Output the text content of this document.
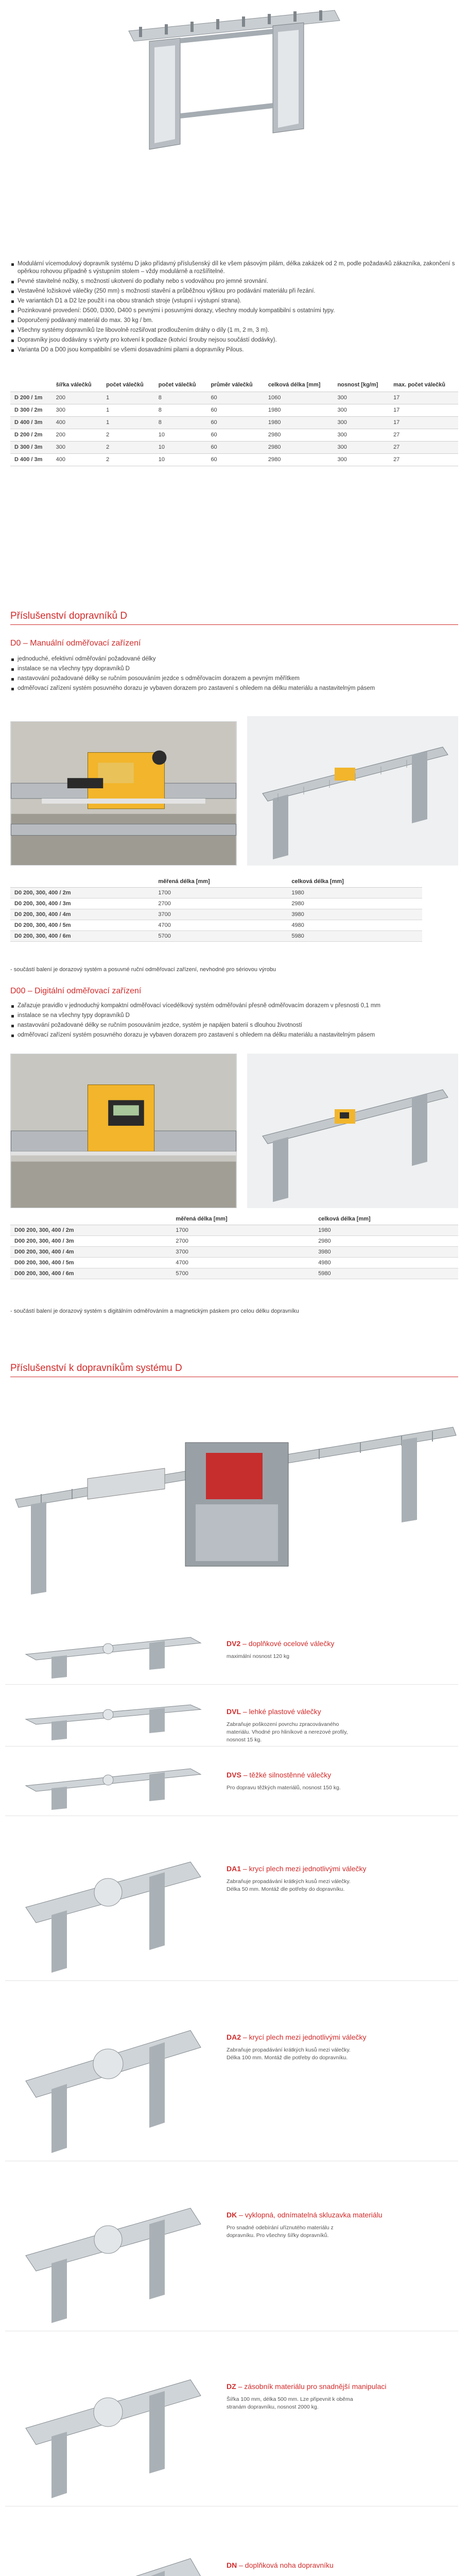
Modulární vícemodulový dopravník systému D jako přídavný příslušenský díl ke všem pásovým pilám, délka zakázek od 2 m, podle požadavků zákazníka, zakončení s opěrkou rohovou případně s výstupním stolem – vždy modulárně a rozšířitelné.
Pevné stavitelné nožky, s možností ukotvení do podlahy nebo s vodováhou pro jemné srovnání.
Vestavěné ložiskové válečky (250 mm) s možností stavění a průběžnou výškou pro podávání materiálu při řezání.
Ve variantách D1 a D2 lze použít i na obou stranách stroje (vstupní i výstupní strana).
Pozinkované provedení: D500, D300, D400 s pevnými i posuvnými dorazy, všechny moduly kompatibilní s ostatními typy.
Doporučený podávaný materiál do max. 30 kg / bm.
Všechny systémy dopravníků lze libovolně rozšiřovat prodloužením dráhy o díly (1 m, 2 m, 3 m).
Dopravníky jsou dodávány s vývrty pro kotvení k podlaze (kotvicí šrouby nejsou součástí dodávky).
Varianta D0 a D00 jsou kompatibilní se všemi dosavadními pilami a dopravníky Pilous.
	šířka válečků	počet válečků	počet válečků	průměr válečků	celková délka [mm]	nosnost [kg/m]	max. počet válečků
D 200 / 1m	200	1	8	60	1060	300	17
D 300 / 2m	300	1	8	60	1980	300	17
D 400 / 3m	400	1	8	60	1980	300	17
D 200 / 2m	200	2	10	60	2980	300	27
D 300 / 3m	300	2	10	60	2980	300	27
D 400 / 3m	400	2	10	60	2980	300	27
Příslušenství dopravníků D
D0 – Manuální odměřovací zařízení
jednoduché, efektivní odměřování požadované délky
instalace se na všechny typy dopravníků D
nastavování požadované délky se ručním posouváním jezdce s odměřovacím dorazem a pevným měřítkem
odměřovací zařízení systém posuvného dorazu je vybaven dorazem pro zastavení s ohledem na délku materiálu a nastavitelným pásem
	měřená délka [mm]	celková délka [mm]
D0 200, 300, 400 / 2m	1700	1980
D0 200, 300, 400 / 3m	2700	2980
D0 200, 300, 400 / 4m	3700	3980
D0 200, 300, 400 / 5m	4700	4980
D0 200, 300, 400 / 6m	5700	5980
- součástí balení je dorazový systém a posuvné ruční odměřovací zařízení, nevhodné pro sériovou výrobu
D00 – Digitální odměřovací zařízení
Zařazuje pravidlo v jednoduchý kompaktní odměřovací vícedélkový systém odměřování přesně odměřovacím dorazem v přesnosti 0,1 mm
instalace se na všechny typy dopravníků D
nastavování požadované délky se ručním posouváním jezdce, systém je napájen baterií s dlouhou životností
odměřovací zařízení systém posuvného dorazu je vybaven dorazem pro zastavení s ohledem na délku materiálu a nastavitelným pásem
	měřená délka [mm]	celková délka [mm]
D00 200, 300, 400 / 2m	1700	1980
D00 200, 300, 400 / 3m	2700	2980
D00 200, 300, 400 / 4m	3700	3980
D00 200, 300, 400 / 5m	4700	4980
D00 200, 300, 400 / 6m	5700	5980
- součástí balení je dorazový systém s digitálním odměřováním a magnetickým páskem pro celou délku dopravníku
Příslušenství k dopravníkům systému D
DV2 – doplňkové ocelové válečky
maximální nosnost 120 kg
DVL – lehké plastové válečky
Zabraňuje poškození povrchu zpracovávaného materiálu. Vhodné pro hliníkové a nerezové profily, nosnost 15 kg.
DVS – těžké silnostěnné válečky
Pro dopravu těžkých materiálů, nosnost 150 kg.
DA1 – krycí plech mezi jednotlivými válečky
Zabraňuje propadávání krátkých kusů mezi válečky. Délka 50 mm. Montáž dle potřeby do dopravníku.
DA2 – krycí plech mezi jednotlivými válečky
Zabraňuje propadávání krátkých kusů mezi válečky. Délka 100 mm. Montáž dle potřeby do dopravníku.
DK – vyklopná, odnímatelná skluzavka materiálu
Pro snadné odebírání uříznutého materiálu z dopravníku. Pro všechny šířky dopravníků.
DZ – zásobník materiálu pro snadnější manipulaci
Šířka 100 mm, délka 500 mm. Lze připevnit k oběma stranám dopravníku, nosnost 2000 kg.
DN – doplňková noha dopravníku
